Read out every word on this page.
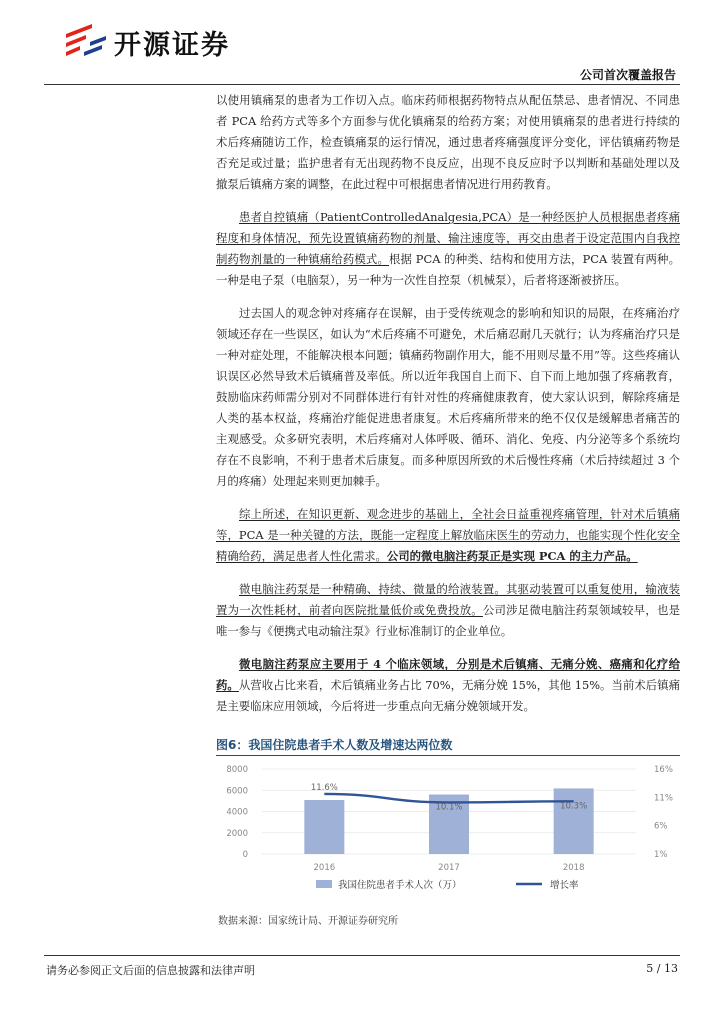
开源证券
公司首次覆盖报告

以使用镇痛泵的患者为工作切入点。临床药师根据药物特点从配伍禁忌、患者情况、不同患者 PCA 给药方式等多个方面参与优化镇痛泵的给药方案；对使用镇痛泵的患者进行持续的术后疼痛随访工作，检查镇痛泵的运行情况，通过患者疼痛强度评分变化，评估镇痛药物是否充足或过量；监护患者有无出现药物不良反应，出现不良反应时予以判断和基础处理以及撤泵后镇痛方案的调整，在此过程中可根据患者情况进行用药教育。

患者自控镇痛（PatientControlledAnalgesia,PCA）是一种经医护人员根据患者疼痛程度和身体情况，预先设置镇痛药物的剂量、输注速度等，再交由患者于设定范围内自我控制药物剂量的一种镇痛给药模式。根据 PCA 的种类、结构和使用方法，PCA 装置有两种。一种是电子泵（电脑泵），另一种为一次性自控泵（机械泵），后者将逐渐被挤压。

过去国人的观念钟对疼痛存在误解，由于受传统观念的影响和知识的局限，在疼痛治疗领域还存在一些误区，如认为“术后疼痛不可避免，术后痛忍耐几天就行；认为疼痛治疗只是一种对症处理，不能解决根本问题；镇痛药物副作用大，能不用则尽量不用”等。这些疼痛认识误区必然导致术后镇痛普及率低。所以近年我国自上而下、自下而上地加强了疼痛教育，鼓励临床药师需分别对不同群体进行有针对性的疼痛健康教育，使大家认识到，解除疼痛是人类的基本权益，疼痛治疗能促进患者康复。术后疼痛所带来的绝不仅仅是缓解患者痛苦的主观感受。众多研究表明，术后疼痛对人体呼吸、循环、消化、免疫、内分泌等多个系统均存在不良影响，不利于患者术后康复。而多种原因所致的术后慢性疼痛（术后持续超过 3 个月的疼痛）处理起来则更加棘手。

综上所述，在知识更新、观念进步的基础上，全社会日益重视疼痛管理，针对术后镇痛等，PCA 是一种关键的方法，既能一定程度上解放临床医生的劳动力，也能实现个性化安全精确给药，满足患者人性化需求。公司的微电脑注药泵正是实现 PCA 的主力产品。

微电脑注药泵是一种精确、持续、微量的给液装置。其驱动装置可以重复使用，输液装置为一次性耗材，前者向医院批量低价或免费投放。公司涉足微电脑注药泵领域较早，也是唯一参与《便携式电动输注泵》行业标准制订的企业单位。

微电脑注药泵应主要用于 4 个临床领域，分别是术后镇痛、无痛分娩、癌痛和化疗给药。从营收占比来看，术后镇痛业务占比 70%，无痛分娩 15%，其他 15%。当前术后镇痛是主要临床应用领域，今后将进一步重点向无痛分娩领域开发。

图6：我国住院患者手术人数及增速达两位数
0
2000
4000
6000
8000
1%
6%
11%
16%
11.6%
10.1%	10.3%
2016	2017	2018
我国住院患者手术人次（万）	增长率
数据来源：国家统计局、开源证券研究所
请务必参阅正文后面的信息披露和法律声明	5 / 13
